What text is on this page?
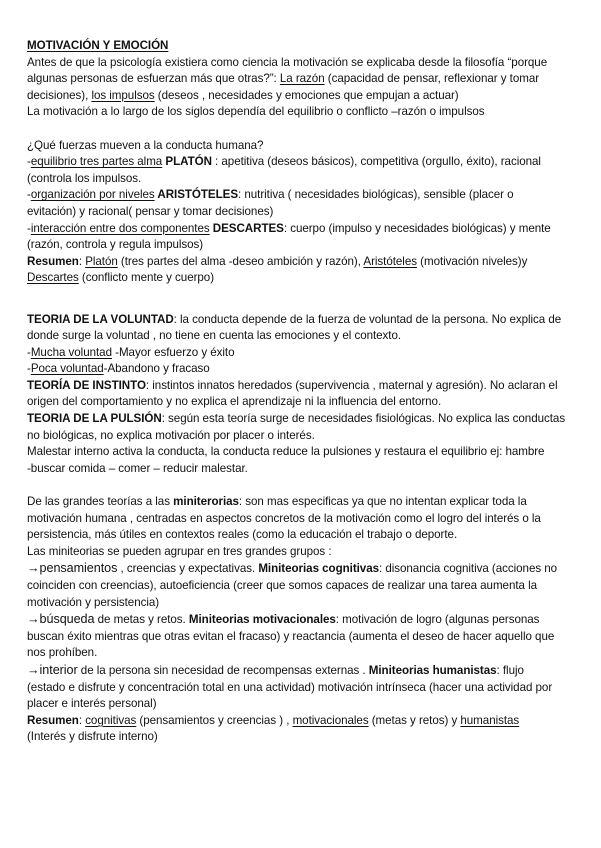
MOTIVACIÓN Y EMOCIÓN
Antes de que la psicología existiera como ciencia la motivación se explicaba desde la filosofía “porque
algunas personas de esfuerzan más que otras?”: La razón (capacidad de pensar, reflexionar y tomar
decisiones), los impulsos (deseos , necesidades y emociones que empujan a actuar)
La motivación a lo largo de los siglos dependía del equilibrio o conflicto –razón o impulsos
¿Qué fuerzas mueven a la conducta humana?
-equilibrio tres partes alma PLATÓN : apetitiva (deseos básicos), competitiva (orgullo, éxito), racional
(controla los impulsos.
-organización por niveles ARISTÓTELES: nutritiva ( necesidades biológicas), sensible (placer o
evitación) y racional( pensar y tomar decisiones)
-interacción entre dos componentes DESCARTES: cuerpo (impulso y necesidades biológicas) y mente
(razón, controla y regula impulsos)
Resumen: Platón (tres partes del alma -deseo ambición y razón), Aristóteles (motivación niveles)y
Descartes (conflicto mente y cuerpo)
TEORIA DE LA VOLUNTAD: la conducta depende de la fuerza de voluntad de la persona. No explica de
donde surge la voluntad , no tiene en cuenta las emociones y el contexto.
-Mucha voluntad -Mayor esfuerzo y éxito
-Poca voluntad-Abandono y fracaso
TEORÍA DE INSTINTO: instintos innatos heredados (supervivencia , maternal y agresión). No aclaran el
origen del comportamiento y no explica el aprendizaje ni la influencia del entorno.
TEORIA DE LA PULSIÓN: según esta teoría surge de necesidades fisiológicas. No explica las conductas
no biológicas, no explica motivación por placer o interés.
Malestar interno activa la conducta, la conducta reduce la pulsiones y restaura el equilibrio ej: hambre
-buscar comida – comer – reducir malestar.
De las grandes teorías a las miniterorias: son mas especificas ya que no intentan explicar toda la
motivación humana , centradas en aspectos concretos de la motivación como el logro del interés o la
persistencia, más útiles en contextos reales (como la educación el trabajo o deporte.
Las miniteorias se pueden agrupar en tres grandes grupos :
→pensamientos , creencias y expectativas. Miniteorias cognitivas: disonancia cognitiva (acciones no
coinciden con creencias), autoeficiencia (creer que somos capaces de realizar una tarea aumenta la
motivación y persistencia)
→búsqueda de metas y retos. Miniteorias motivacionales: motivación de logro (algunas personas
buscan éxito mientras que otras evitan el fracaso) y reactancia (aumenta el deseo de hacer aquello que
nos prohíben.
→interior de la persona sin necesidad de recompensas externas . Miniteorias humanistas: flujo
(estado e disfrute y concentración total en una actividad) motivación intrínseca (hacer una actividad por
placer e interés personal)
Resumen: cognitivas (pensamientos y creencias ) , motivacionales (metas y retos) y humanistas
(Interés y disfrute interno)
